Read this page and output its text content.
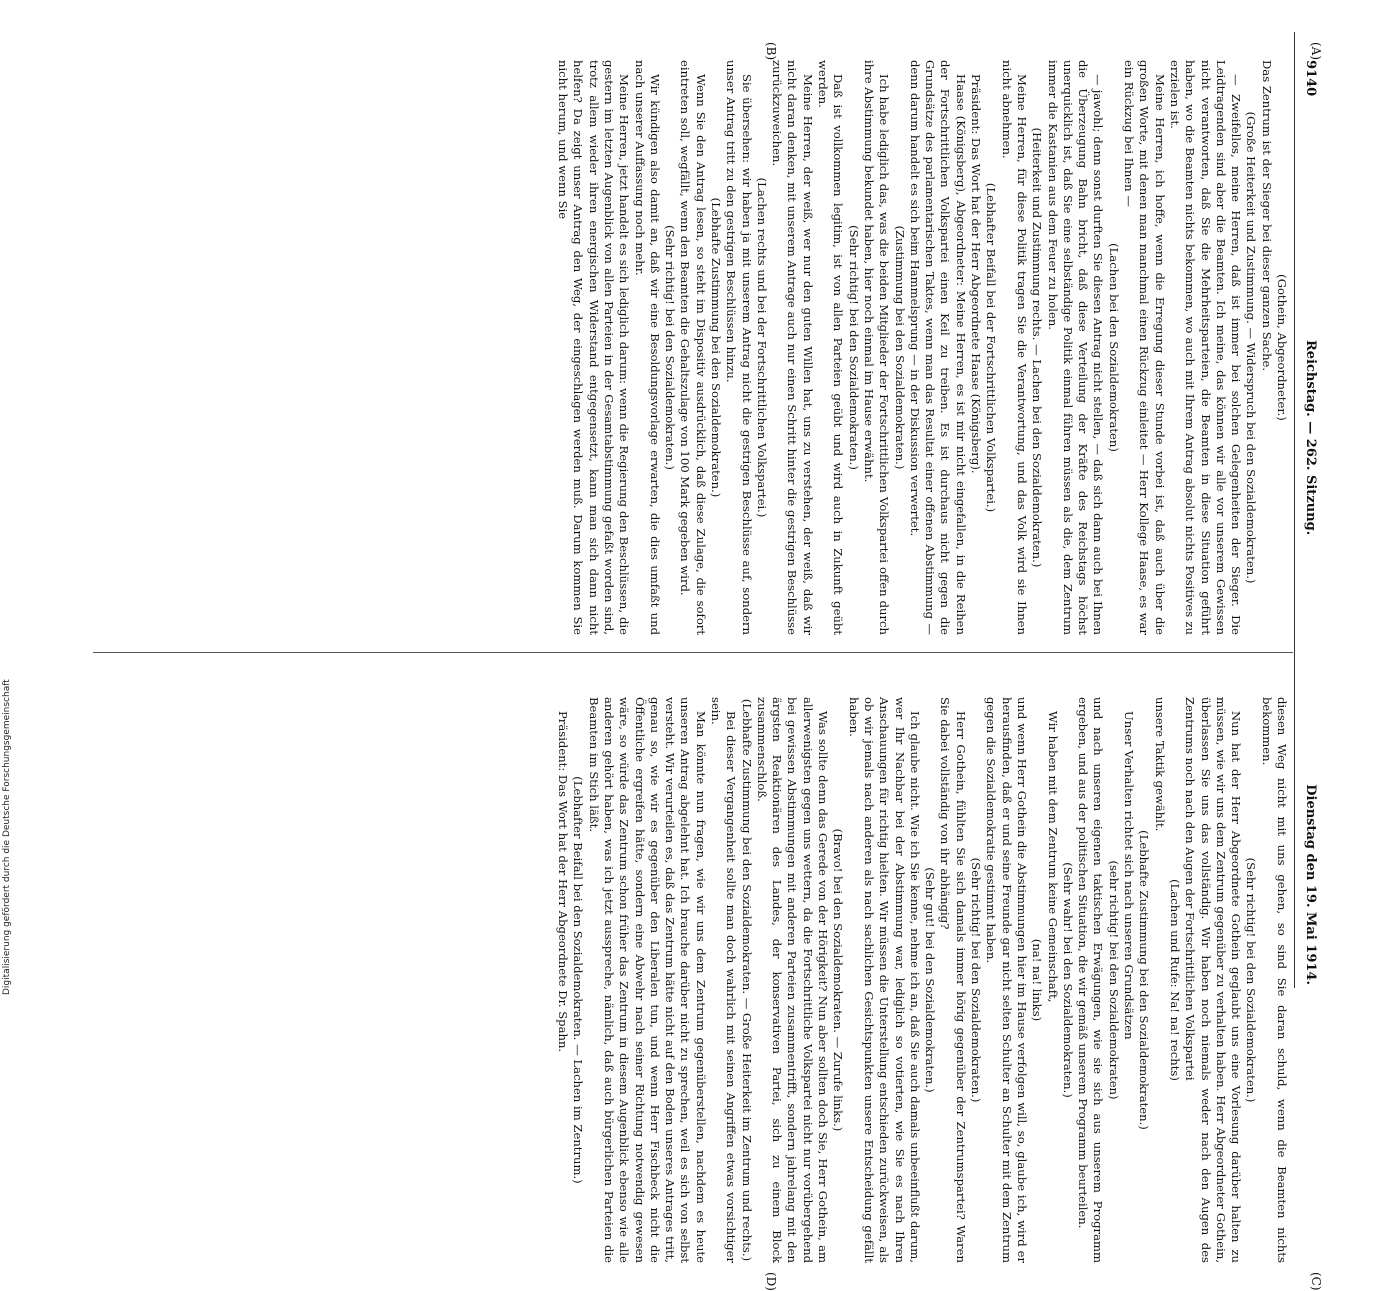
9140
Reichstag. — 262. Sitzung.
Dienstag den 19. Mai 1914.
(A)
(B)
(C)
(D)

(Gothein, Abgeordneter.)

Das Zentrum ist der Sieger bei dieser ganzen Sache.

(Große Heiterkeit und Zustimmung. — Widerspruch bei den Sozialdemokraten.)

— Zweifellos, meine Herren, daß ist immer bei solchen Gelegenheiten der Sieger. Die Leidtragenden sind aber die Beamten. Ich meine, das können wir alle vor unserem Gewissen nicht verantworten, daß Sie die Mehrheitsparteien, die Beamten in diese Situation geführt haben, wo die Beamten nichts bekommen, wo auch mit Ihrem Antrag absolut nichts Positives zu erzielen ist.

Meine Herren, ich hoffe, wenn die Erregung dieser Stunde vorbei ist, daß auch über die großen Worte, mit denen man manchmal einen Rückzug einleitet — Herr Kollege Haase, es war ein Rückzug bei Ihnen —

(Lachen bei den Sozialdemokraten)

— jawohl; denn sonst durften Sie diesen Antrag nicht stellen, — daß sich dann auch bei Ihnen die Überzeugung Bahn bricht, daß diese Verteilung der Kräfte des Reichstags höchst unerquicklich ist, daß Sie eine selbständige Politik einmal führen müssen als die, dem Zentrum immer die Kastanien aus dem Feuer zu holen.

(Heiterkeit und Zustimmung rechts. — Lachen bei den Sozialdemokraten.)

Meine Herren, für diese Politik tragen Sie die Verantwortung, und das Volk wird sie Ihnen nicht abnehmen.

(Lebhafter Beifall bei der Fortschrittlichen Volkspartei.)

Präsident: Das Wort hat der Herr Abgeordnete Haase (Königsberg).

Haase (Königsberg), Abgeordneter: Meine Herren, es ist mir nicht eingefallen, in die Reihen der Fortschrittlichen Volkspartei einen Keil zu treiben. Es ist durchaus nicht gegen die Grundsätze des parlamentarischen Taktes, wenn man das Resultat einer offenen Abstimmung — denn darum handelt es sich beim Hammelsprung — in der Diskussion verwertet.

(Zustimmung bei den Sozialdemokraten.)

Ich habe lediglich das, was die beiden Mitglieder der Fortschrittlichen Volkspartei offen durch ihre Abstimmung bekundet haben, hier noch einmal im Hause erwähnt.

(Sehr richtig! bei den Sozialdemokraten.)

Daß ist vollkommen legitim, ist von allen Parteien geübt und wird auch in Zukunft geübt werden.

Meine Herren, der weiß, wer nur den guten Willen hat, uns zu verstehen, der weiß, daß wir nicht daran denken, mit unserem Antrage auch nur einen Schritt hinter die gestrigen Beschlüsse zurückzuweichen.

(Lachen rechts und bei der Fortschrittlichen Volkspartei.)

Sie übersehen: wir haben ja mit unserem Antrag nicht die gestrigen Beschlüsse auf, sondern unser Antrag tritt zu den gestrigen Beschlüssen hinzu.

(Lebhafte Zustimmung bei den Sozialdemokraten.)

Wenn Sie den Antrag lesen, so steht im Dispositiv ausdrücklich, daß diese Zulage, die sofort eintreten soll, wegfällt, wenn den Beamten die Gehaltszulage von 100 Mark gegeben wird.

(Sehr richtig! bei den Sozialdemokraten.)

Wir kündigen also damit an, daß wir eine Besoldungsvorlage erwarten, die dies umfaßt und nach unserer Auffassung noch mehr.

Meine Herren, jetzt handelt es sich lediglich darum: wenn die Regierung den Beschlüssen, die gestern im letzten Augenblick von allen Parteien in der Gesamtabstimmung gefaßt worden sind, trotz allem wieder ihren energischen Widerstand entgegensetzt, kann man sich dann nicht helfen? Da zeigt unser Antrag den Weg, der eingeschlagen werden muß. Darum kommen Sie nicht herum, und wenn Sie

diesen Weg nicht mit uns gehen, so sind Sie daran schuld, wenn die Beamten nichts bekommen.

(Sehr richtig! bei den Sozialdemokraten.)

Nun hat der Herr Abgeordnete Gothein geglaubt uns eine Vorlesung darüber halten zu müssen, wie wir uns dem Zentrum gegenüber zu verhalten haben. Herr Abgeordneter Gothein, überlassen Sie uns das vollständig. Wir haben noch niemals weder nach den Augen des Zentrums noch nach den Augen der Fortschrittlichen Volkspartei

(Lachen und Rufe: Na! na! rechts)

unsere Taktik gewählt.

(Lebhafte Zustimmung bei den Sozialdemokraten.)

Unser Verhalten richtet sich nach unseren Grundsätzen

(sehr richtig! bei den Sozialdemokraten)

und nach unseren eigenen taktischen Erwägungen, wie sie sich aus unserem Programm ergeben, und aus der politischen Situation, die wir gemäß unserem Programm beurteilen.

(Sehr wahr! bei den Sozialdemokraten.)

Wir haben mit dem Zentrum keine Gemeinschaft,

(na! na! links)

und wenn Herr Gothein die Abstimmungen hier im Hause verfolgen will, so, glaube ich, wird er herausfinden, daß er und seine Freunde gar nicht selten Schulter an Schulter mit dem Zentrum gegen die Sozialdemokratie gestimmt haben.

(Sehr richtig! bei den Sozialdemokraten.)

Herr Gothein, fühlten Sie sich damals immer hörig gegenüber der Zentrumspartei? Waren Sie dabei vollständig von ihr abhängig?

(Sehr gut! bei den Sozialdemokraten.)

Ich glaube nicht. Wie ich Sie kenne, nehme ich an, daß Sie auch damals unbeeinflußt darum, wer Ihr Nachbar bei der Abstimmung war, lediglich so votierten, wie Sie es nach Ihren Anschauungen für richtig hielten. Wir müssen die Unterstellung entschieden zurückweisen, als ob wir jemals nach anderen als nach sachlichen Gesichtspunkten unsere Entscheidung gefällt haben.

(Bravo! bei den Sozialdemokraten. — Zurufe links.)

Was sollte denn das Gerede von der Hörigkeit? Nun aber sollten doch Sie, Herr Gothein, am allerwenigsten gegen uns wettern, da die Fortschrittliche Volkspartei nicht nur vorübergehend bei gewissen Abstimmungen mit anderen Parteien zusammentrifft, sondern jahrelang mit den ärgsten Reaktionären des Landes, der konservativen Partei, sich zu einem Block zusammenschloß.

(Lebhafte Zustimmung bei den Sozialdemokraten. — Große Heiterkeit im Zentrum und rechts.)

Bei dieser Vergangenheit sollte man doch wahrlich mit seinen Angriffen etwas vorsichtiger sein.

Man könnte nun fragen, wie wir uns dem Zentrum gegenüberstellen, nachdem es heute unseren Antrag abgelehnt hat. Ich brauche darüber nicht zu sprechen, weil es sich von selbst versteht. Wir verurteilen es, daß das Zentrum hätte nicht auf den Boden unseres Antrages tritt, genau so, wie wir es gegenüber den Liberalen tun, und wenn Herr Fischbeck nicht die Öffentliche ergreifen hätte, sondern eine Abwehr nach seiner Richtung notwendig gewesen wäre, so würde das Zentrum schon früher das Zentrum in diesem Augenblick ebenso wie alle anderen gehört haben, was ich jetzt ausspreche, nämlich, daß auch bürgerlichen Parteien die Beamten im Stich läßt.

(Lebhafter Beifall bei den Sozialdemokraten. — Lachen im Zentrum.)

Präsident: Das Wort hat der Herr Abgeordnete Dr. Spahn.

Digitalisierung gefördert durch die Deutsche Forschungsgemeinschaft
